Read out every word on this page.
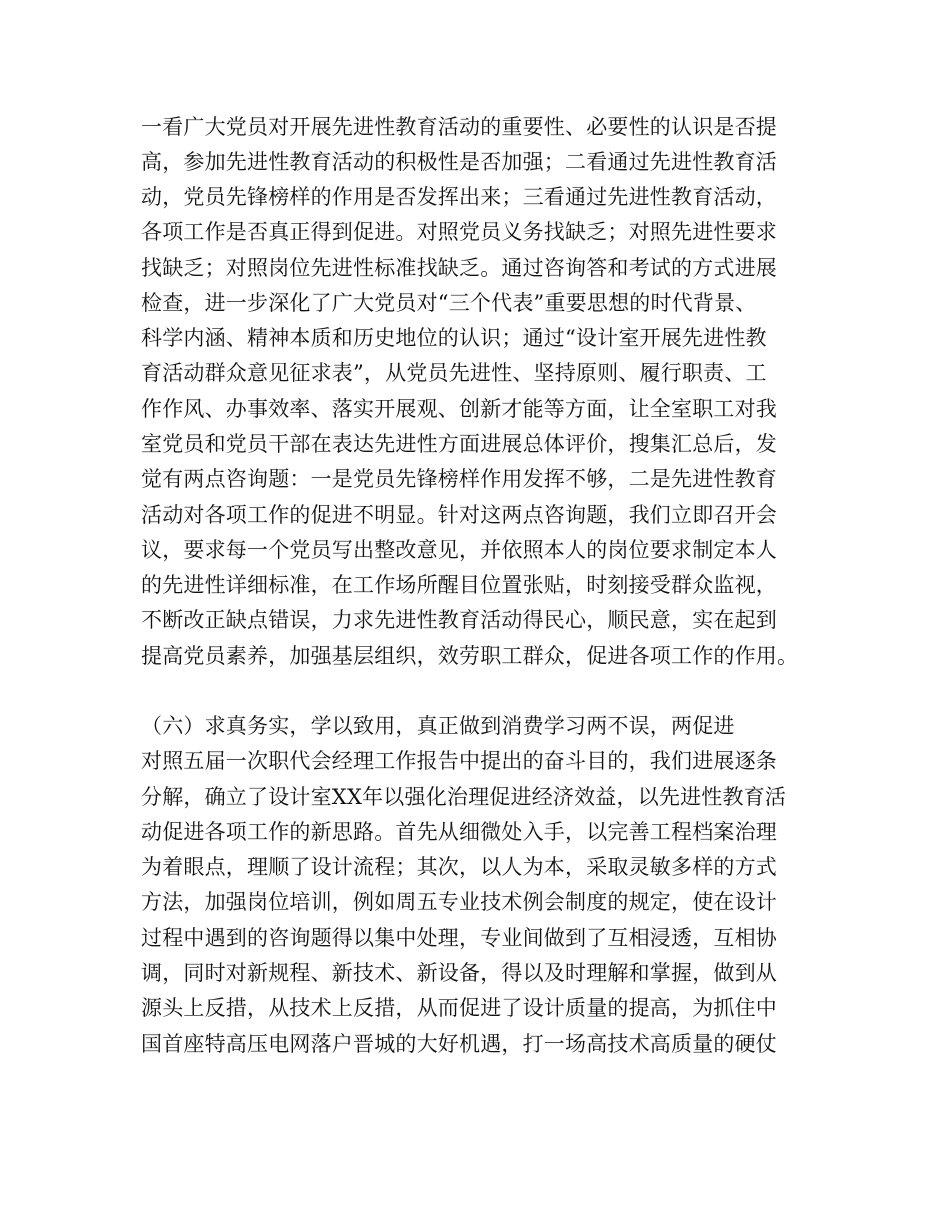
一看广大党员对开展先进性教育活动的重要性、必要性的认识是否提
高，参加先进性教育活动的积极性是否加强；二看通过先进性教育活
动，党员先锋榜样的作用是否发挥出来；三看通过先进性教育活动，
各项工作是否真正得到促进。对照党员义务找缺乏；对照先进性要求
找缺乏；对照岗位先进性标准找缺乏。通过咨询答和考试的方式进展
检查，进一步深化了广大党员对“三个代表”重要思想的时代背景、
科学内涵、精神本质和历史地位的认识；通过“设计室开展先进性教
育活动群众意见征求表”，从党员先进性、坚持原则、履行职责、工
作作风、办事效率、落实开展观、创新才能等方面，让全室职工对我
室党员和党员干部在表达先进性方面进展总体评价，搜集汇总后，发
觉有两点咨询题：一是党员先锋榜样作用发挥不够，二是先进性教育
活动对各项工作的促进不明显。针对这两点咨询题，我们立即召开会
议，要求每一个党员写出整改意见，并依照本人的岗位要求制定本人
的先进性详细标准，在工作场所醒目位置张贴，时刻接受群众监视，
不断改正缺点错误，力求先进性教育活动得民心，顺民意，实在起到
提高党员素养，加强基层组织，效劳职工群众，促进各项工作的作用。
（六）求真务实，学以致用，真正做到消费学习两不误，两促进
对照五届一次职代会经理工作报告中提出的奋斗目的，我们进展逐条
分解，确立了设计室XX年以强化治理促进经济效益，以先进性教育活
动促进各项工作的新思路。首先从细微处入手，以完善工程档案治理
为着眼点，理顺了设计流程；其次，以人为本，采取灵敏多样的方式
方法，加强岗位培训，例如周五专业技术例会制度的规定，使在设计
过程中遇到的咨询题得以集中处理，专业间做到了互相浸透，互相协
调，同时对新规程、新技术、新设备，得以及时理解和掌握，做到从
源头上反措，从技术上反措，从而促进了设计质量的提高，为抓住中
国首座特高压电网落户晋城的大好机遇，打一场高技术高质量的硬仗
